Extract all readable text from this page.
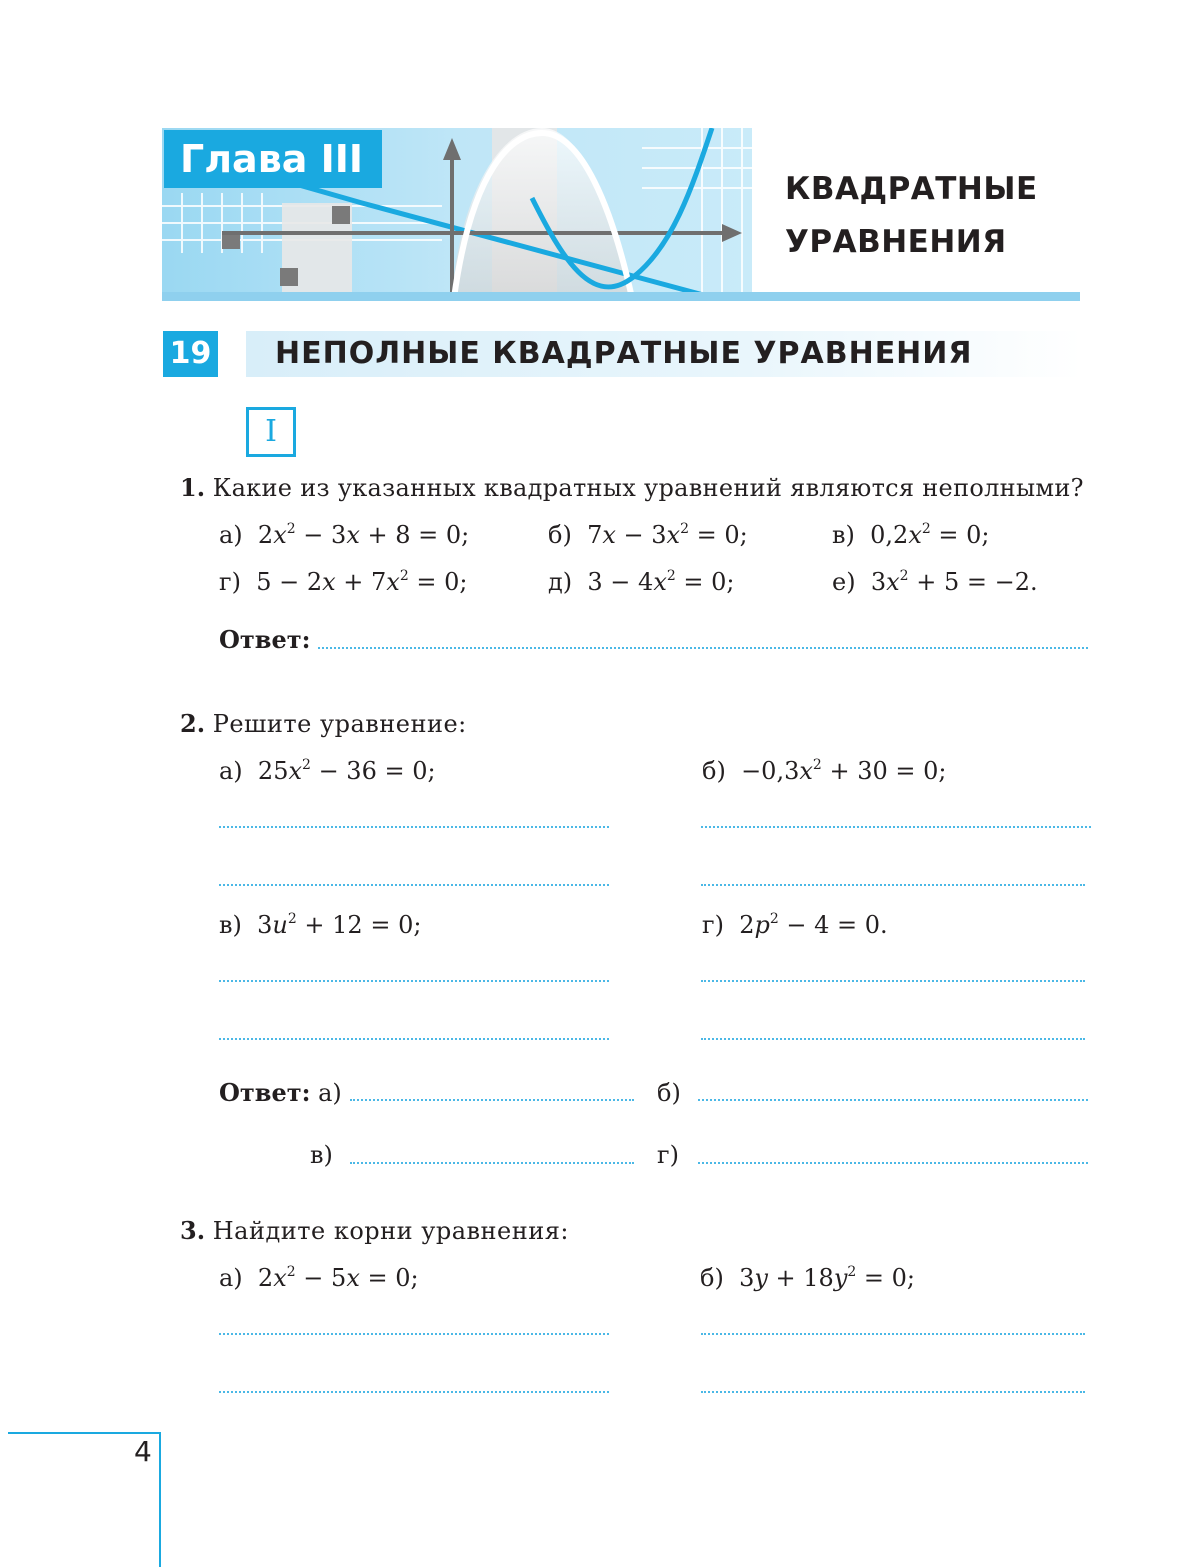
Глава III
КВАДРАТНЫЕ
УРАВНЕНИЯ
19 НЕПОЛНЫЕ КВАДРАТНЫЕ УРАВНЕНИЯ
I
1. Какие из указанных квадратных уравнений являются неполными?
а)  $2x^2 - 3x + 8 = 0$;	б)  $7x - 3x^2 = 0$;	в)  $0,2x^2 = 0$;
г)  $5 - 2x + 7x^2 = 0$;	д)  $3 - 4x^2 = 0$;	е)  $3x^2 + 5 = -2$.
Ответ:
2. Решите уравнение:
а)  $25x^2 - 36 = 0$;	$б) -0,3x^2 + 30 = 0$;
в)  $3u^2 + 12 = 0$;	г)  $2p^2 - 4 = 0$.
Ответ: а)	б)
в)	г)
3. Найдите корни уравнения:
а)  $2x^2 - 5x = 0$;	б)  $3y + 18y^2 = 0$;
4
